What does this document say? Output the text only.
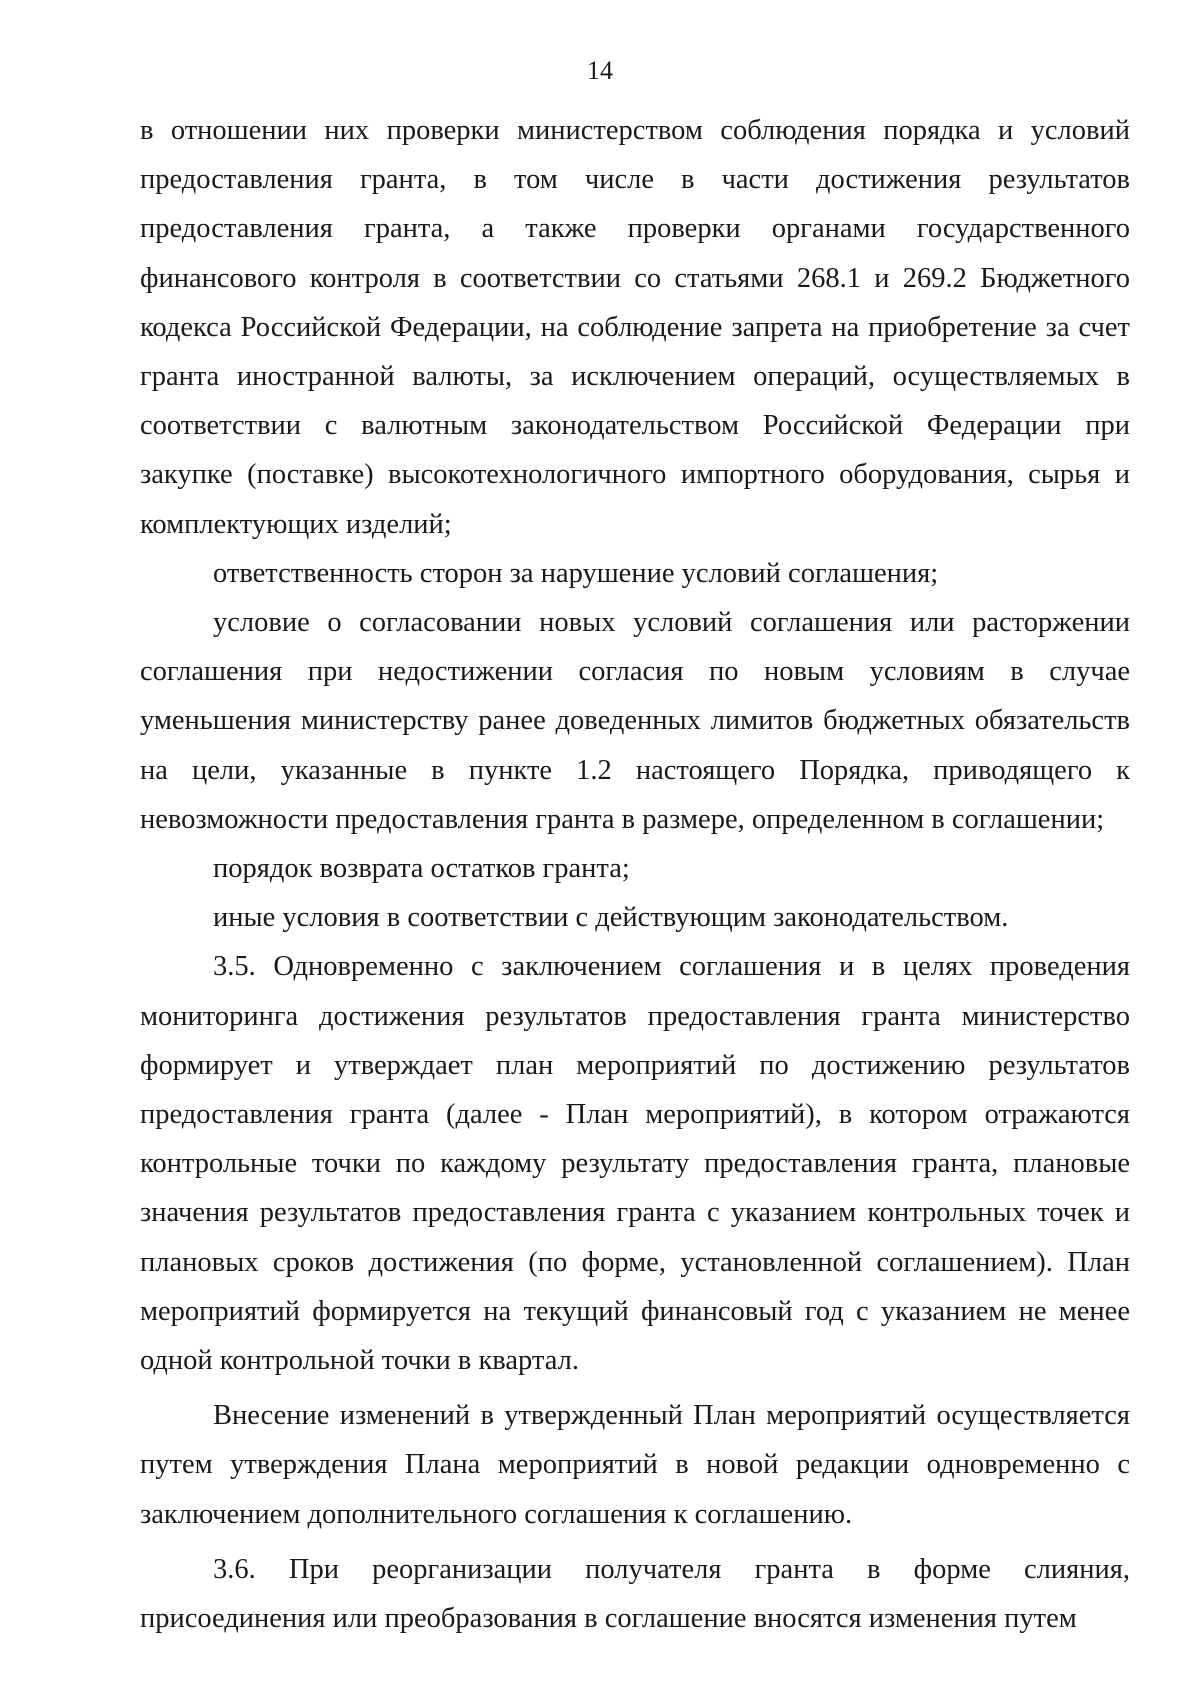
14

в отношении них проверки министерством соблюдения порядка и условий предоставления гранта, в том числе в части достижения результатов предоставления гранта, а также проверки органами государственного финансового контроля в соответствии со статьями 268.1 и 269.2 Бюджетного кодекса Российской Федерации, на соблюдение запрета на приобретение за счет гранта иностранной валюты, за исключением операций, осуществляемых в соответствии с валютным законодательством Российской Федерации при закупке (поставке) высокотехнологичного импортного оборудования, сырья и комплектующих изделий;

ответственность сторон за нарушение условий соглашения;

условие о согласовании новых условий соглашения или расторжении соглашения при недостижении согласия по новым условиям в случае уменьшения министерству ранее доведенных лимитов бюджетных обязательств на цели, указанные в пункте 1.2 настоящего Порядка, приводящего к невозможности предоставления гранта в размере, определенном в соглашении;

порядок возврата остатков гранта;

иные условия в соответствии с действующим законодательством.

3.5. Одновременно с заключением соглашения и в целях проведения мониторинга достижения результатов предоставления гранта министерство формирует и утверждает план мероприятий по достижению результатов предоставления гранта (далее - План мероприятий), в котором отражаются контрольные точки по каждому результату предоставления гранта, плановые значения результатов предоставления гранта с указанием контрольных точек и плановых сроков достижения (по форме, установленной соглашением). План мероприятий формируется на текущий финансовый год с указанием не менее одной контрольной точки в квартал.

Внесение изменений в утвержденный План мероприятий осуществляется путем утверждения Плана мероприятий в новой редакции одновременно с заключением дополнительного соглашения к соглашению.

3.6. При реорганизации получателя гранта в форме слияния, присоединения или преобразования в соглашение вносятся изменения путем
